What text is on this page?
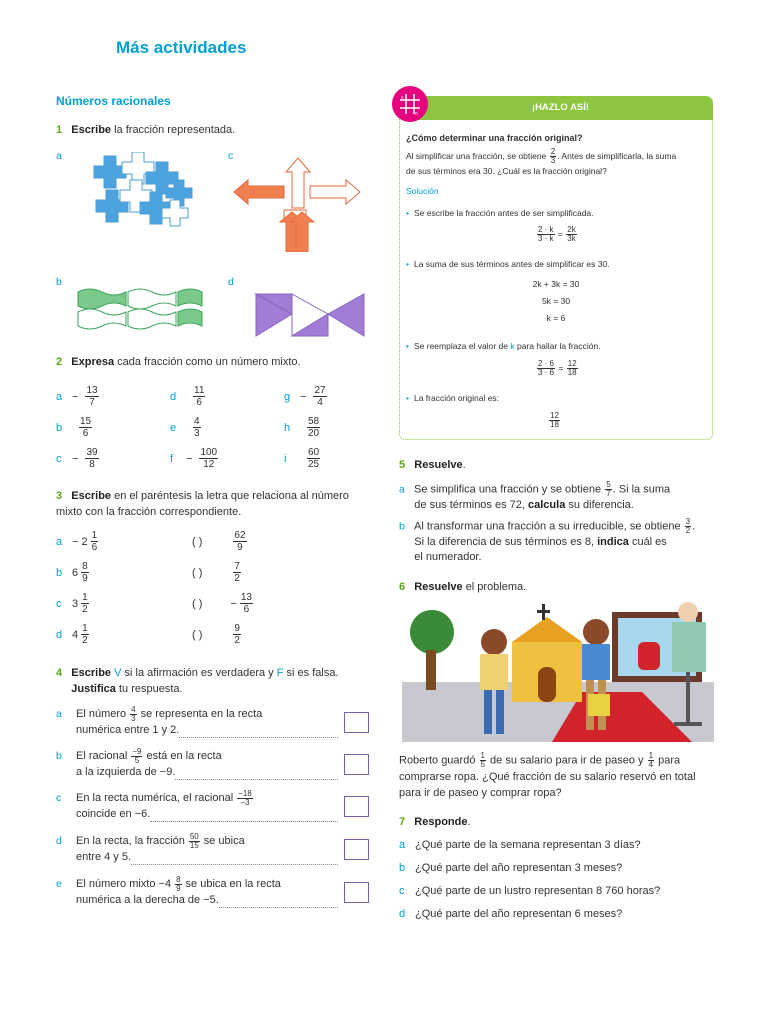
Más actividades
Números racionales
1 Escribe la fracción representada.
a	c
b	d
2 Expresa cada fracción como un número mixto.
$a - \frac{13}{7}$	d	$\frac{11}{6}$	$g - \frac{27}{4}$
b	$\frac{15}{6}$	e	$\frac{4}{3}$	h	$\frac{58}{20}$
$c - \frac{39}{8}$	f	− $\frac{100}{12}$	i	$\frac{60}{25}$
3 Escribe en el paréntesis la letra que relaciona al número mixto con la fracción correspondiente.
$a - 2 \frac{1}{6}$	( )	$\frac{62}{9}$
b $6 \frac{8}{9}$	( )	$\frac{7}{2}$
c $3 \frac{1}{2}$	( )	− $\frac{13}{6}$
d $4 \frac{1}{2}$	( )	$\frac{9}{2}$
4 Escribe V si la afirmación es verdadera y F si es falsa.
Justifica tu respuesta.
a	El número $\frac{4}{3}$ se representa en la recta
numérica entre 1 y 2.
b	El racional $\frac{-9}{5}$ está en la recta
a la izquierda de −9.
c	En la recta numérica, el racional $\frac{-18}{-3}$
coincide en −6.
d	En la recta, la fracción $\frac{50}{15}$ se ubica
entre 4 y 5.
e	El número mixto $-4 \frac{8}{9}$ se ubica en la recta
numérica a la derecha de −5.
¡HAZLO ASÍ!
x
o
¿Cómo determinar una fracción original?
Al simplificar una fracción, se obtiene $\frac{2}{3}$ . Antes de simplificarla, la suma
de sus términos era 30. ¿Cuál es la fracción original?
Solución
• Se escribe la fracción antes de ser simplificada.
$\frac{2 \cdot k}{3 \cdot k} = \frac{2k}{3k}$
• La suma de sus términos antes de simplificar es 30.
2k + 3k = 30
5k = 30
k = 6
• Se reemplaza el valor de k para hallar la fracción.
$\frac{2 \cdot 6}{3 \cdot 6} = \frac{12}{18}$
• La fracción original es:
$\frac{12}{18}$
5 Resuelve.
a Se simplifica una fracción y se obtiene $\frac{5}{7}$ . Si la suma
de sus términos es 72, calcula su diferencia.
b Al transformar una fracción a su irreducible, se obtiene $\frac{3}{2}$ .
Si la diferencia de sus términos es 8, indica cuál es
el numerador.
6 Resuelve el problema.
Roberto guardó $\frac{1}{5}$ de su salario para ir de paseo y $\frac{1}{4}$ para
comprarse ropa. ¿Qué fracción de su salario reservó en total
para ir de paseo y comprar ropa?
7 Responde.
a ¿Qué parte de la semana representan 3 días?
b ¿Qué parte del año representan 3 meses?
c ¿Qué parte de un lustro representan 8 760 horas?
d ¿Qué parte del año representan 6 meses?
